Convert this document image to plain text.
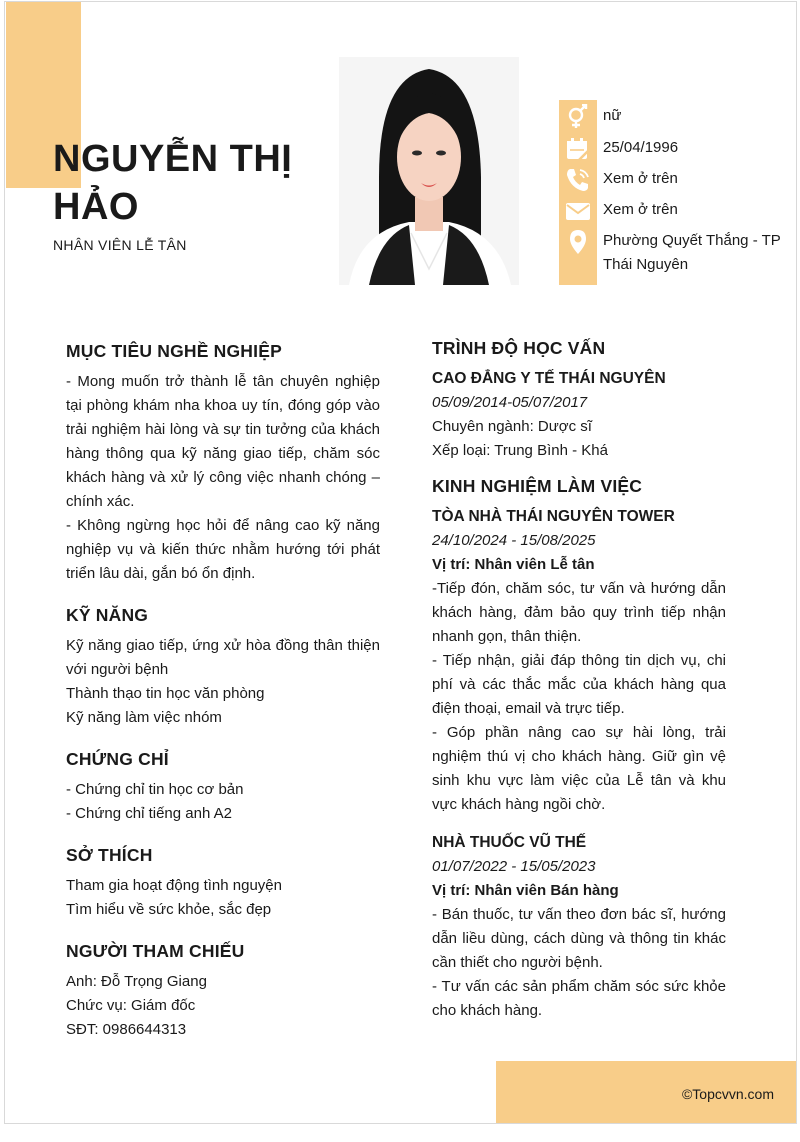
NGUYỄN THỊ HẢO
NHÂN VIÊN LỄ TÂN
nữ
25/04/1996
Xem ở trên
Xem ở trên
Phường Quyết Thắng - TP Thái Nguyên
MỤC TIÊU NGHỀ NGHIỆP

- Mong muốn trở thành lễ tân chuyên nghiệp tại phòng khám nha khoa uy tín, đóng góp vào trải nghiệm hài lòng và sự tin tưởng của khách hàng thông qua kỹ năng giao tiếp, chăm sóc khách hàng và xử lý công việc nhanh chóng – chính xác.

- Không ngừng học hỏi để nâng cao kỹ năng nghiệp vụ và kiến thức nhằm hướng tới phát triển lâu dài, gắn bó ổn định.

KỸ NĂNG

Kỹ năng giao tiếp, ứng xử hòa đồng thân thiện với người bệnh

Thành thạo tin học văn phòng

Kỹ năng làm việc nhóm

CHỨNG CHỈ

- Chứng chỉ tin học cơ bản

- Chứng chỉ tiếng anh A2

SỞ THÍCH

Tham gia hoạt động tình nguyện

Tìm hiểu về sức khỏe, sắc đẹp

NGƯỜI THAM CHIẾU

Anh: Đỗ Trọng Giang

Chức vụ: Giám đốc

SĐT: 0986644313

TRÌNH ĐỘ HỌC VẤN

CAO ĐẲNG Y TẾ THÁI NGUYÊN

05/09/2014-05/07/2017

Chuyên ngành: Dược sĩ

Xếp loại: Trung Bình - Khá

KINH NGHIỆM LÀM VIỆC

TÒA NHÀ THÁI NGUYÊN TOWER

24/10/2024 - 15/08/2025

Vị trí: Nhân viên Lễ tân

-Tiếp đón, chăm sóc, tư vấn và hướng dẫn khách hàng, đảm bảo quy trình tiếp nhận nhanh gọn, thân thiện.

- Tiếp nhận, giải đáp thông tin dịch vụ, chi phí và các thắc mắc của khách hàng qua điện thoại, email và trực tiếp.

- Góp phần nâng cao sự hài lòng, trải nghiệm thú vị cho khách hàng. Giữ gìn vệ sinh khu vực làm việc của Lễ tân và khu vực khách hàng ngồi chờ.

NHÀ THUỐC VŨ THẾ

01/07/2022 - 15/05/2023

Vị trí: Nhân viên Bán hàng

- Bán thuốc, tư vấn theo đơn bác sĩ, hướng dẫn liều dùng, cách dùng và thông tin khác cần thiết cho người bệnh.

- Tư vấn các sản phẩm chăm sóc sức khỏe cho khách hàng.

©Topcvvn.com
